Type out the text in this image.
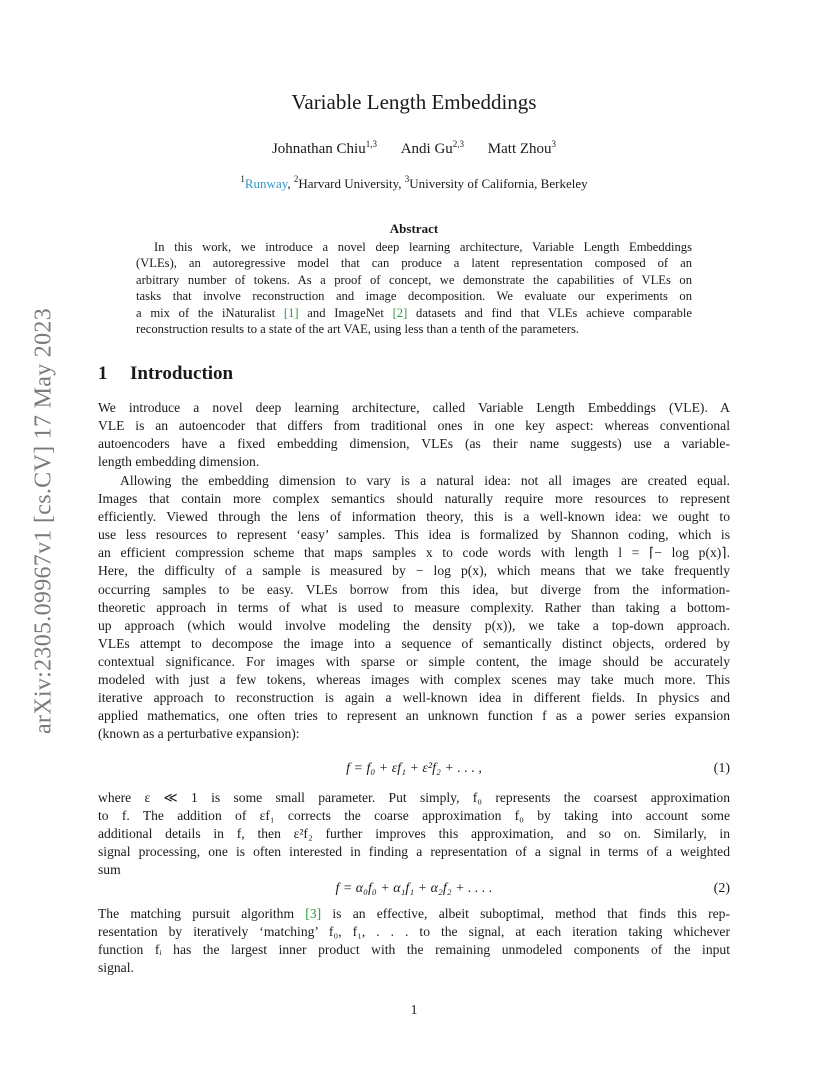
arXiv:2305.09967v1 [cs.CV] 17 May 2023
Variable Length Embeddings
Johnathan Chiu$^{1,3}$ Andi Gu$^{2,3}$ Matt Zhou$^3$
$^1$Runway, $^2$Harvard University, $^3$University of California, Berkeley
Abstract
In this work, we introduce a novel deep learning architecture, Variable Length Embeddings
(VLEs), an autoregressive model that can produce a latent representation composed of an
arbitrary number of tokens. As a proof of concept, we demonstrate the capabilities of VLEs on
tasks that involve reconstruction and image decomposition. We evaluate our experiments on
a mix of the iNaturalist [1] and ImageNet [2] datasets and find that VLEs achieve comparable
reconstruction results to a state of the art VAE, using less than a tenth of the parameters.
1 Introduction
We introduce a novel deep learning architecture, called Variable Length Embeddings (VLE). A
VLE is an autoencoder that differs from traditional ones in one key aspect: whereas conventional
autoencoders have a fixed embedding dimension, VLEs (as their name suggests) use a variable-
length embedding dimension.
Allowing the embedding dimension to vary is a natural idea: not all images are created equal.
Images that contain more complex semantics should naturally require more resources to represent
efficiently. Viewed through the lens of information theory, this is a well-known idea: we ought to
use less resources to represent ‘easy’ samples. This idea is formalized by Shannon coding, which is
an efficient compression scheme that maps samples x to code words with length l = ⌈− log p(x)⌉.
Here, the difficulty of a sample is measured by − log p(x), which means that we take frequently
occurring samples to be easy. VLEs borrow from this idea, but diverge from the information-
theoretic approach in terms of what is used to measure complexity. Rather than taking a bottom-
up approach (which would involve modeling the density p(x)), we take a top-down approach.
VLEs attempt to decompose the image into a sequence of semantically distinct objects, ordered by
contextual significance. For images with sparse or simple content, the image should be accurately
modeled with just a few tokens, whereas images with complex scenes may take much more. This
iterative approach to reconstruction is again a well-known idea in different fields. In physics and
applied mathematics, one often tries to represent an unknown function f as a power series expansion
(known as a perturbative expansion):
f = f₀ + εf₁ + ε²f₂ + . . . ,	(1)
where ε ≪ 1 is some small parameter. Put simply, f₀ represents the coarsest approximation
to f. The addition of εf₁ corrects the coarse approximation f₀ by taking into account some
additional details in f, then ε²f₂ further improves this approximation, and so on. Similarly, in
signal processing, one is often interested in finding a representation of a signal in terms of a weighted
sum
f = α₀f₀ + α₁f₁ + α₂f₂ + . . . .	(2)
The matching pursuit algorithm [3] is an effective, albeit suboptimal, method that finds this rep-
resentation by iteratively ‘matching’ f₀, f₁, . . . to the signal, at each iteration taking whichever
function fᵢ has the largest inner product with the remaining unmodeled components of the input
signal.
1
